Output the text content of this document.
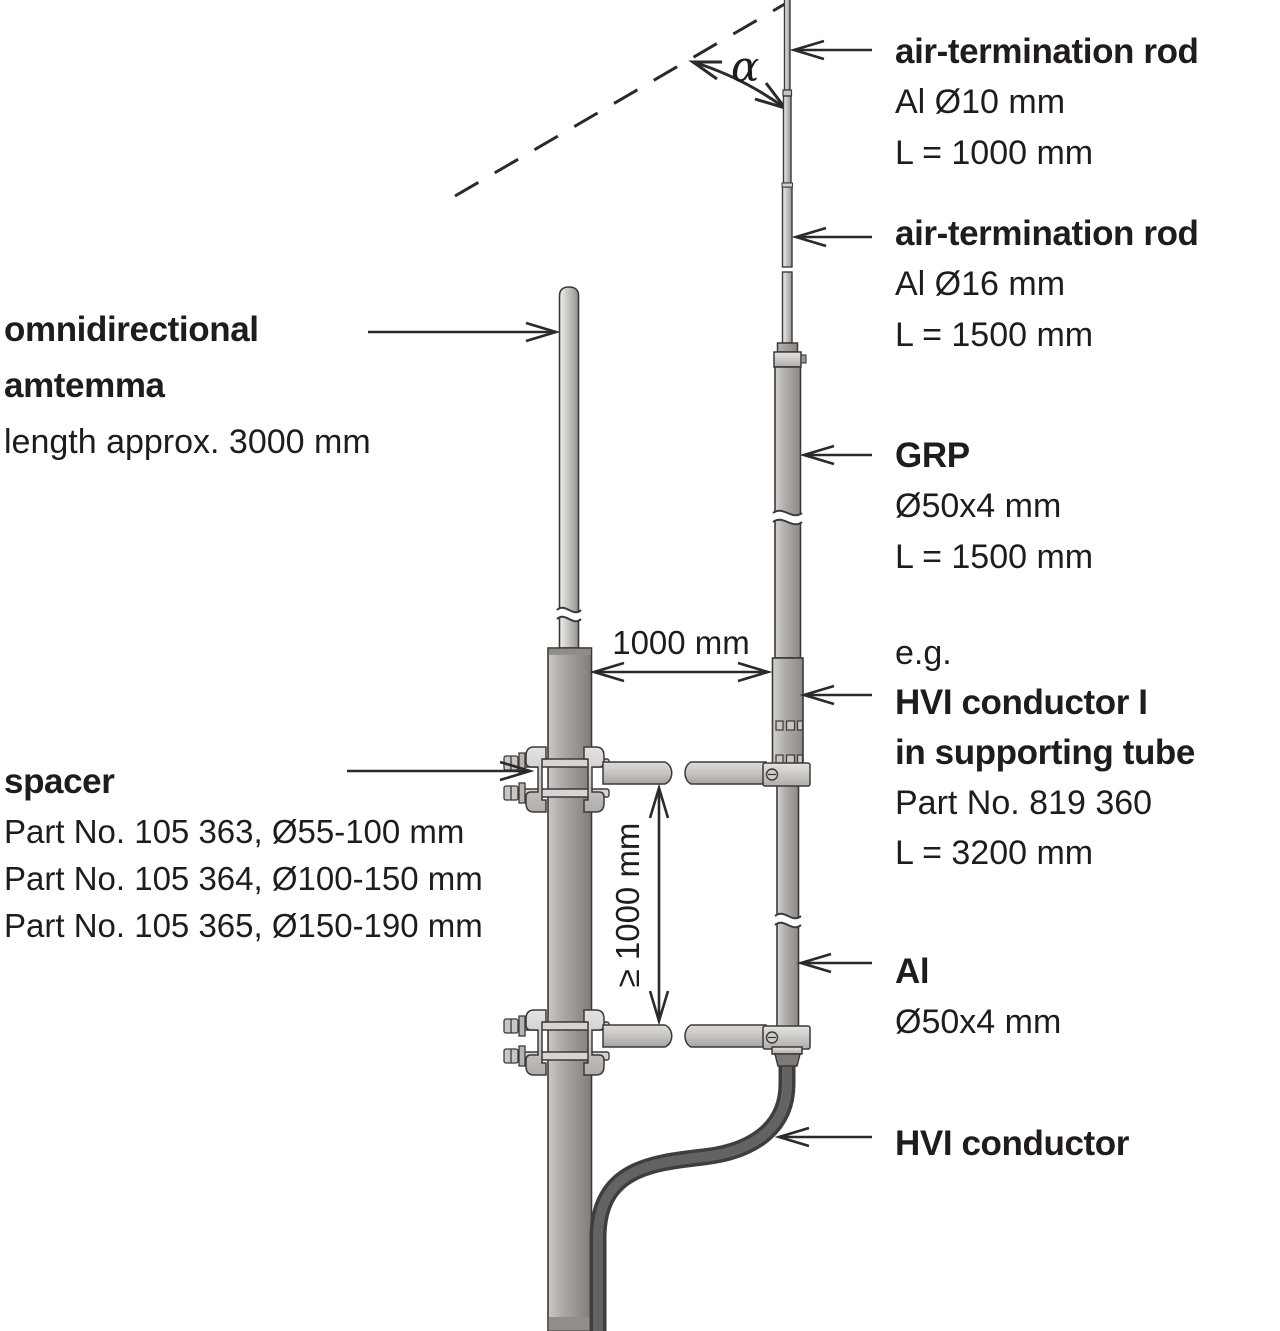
air-termination rod
Al Ø10 mm
L = 1000 mm
air-termination rod
Al Ø16 mm
L = 1500 mm
GRP
Ø50x4 mm
L = 1500 mm
e.g.
HVI conductor I
in supporting tube
Part No. 819 360
L = 3200 mm
Al
Ø50x4 mm
HVI conductor
omnidirectional
amtemma
length approx. 3000 mm
spacer
Part No. 105 363, Ø55-100 mm
Part No. 105 364, Ø100-150 mm
Part No. 105 365, Ø150-190 mm
1000 mm
≥ 1000 mm
α
